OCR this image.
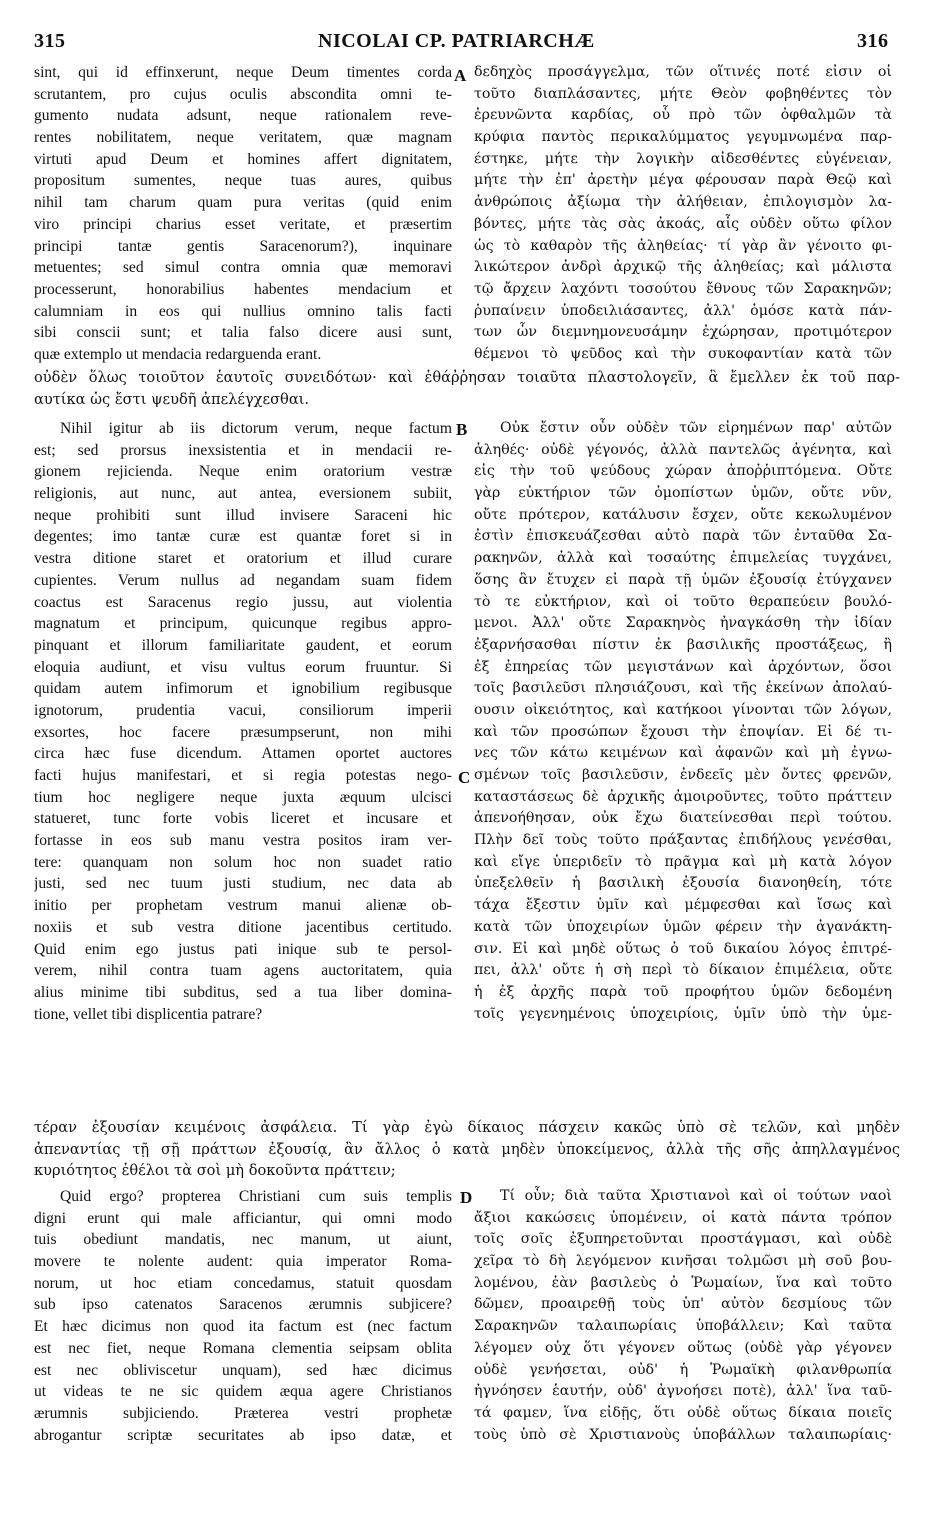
315	NICOLAI CP. PATRIARCHÆ	316
A
B
C
D
sint, qui id effinxerunt, neque Deum timentes corda
scrutantem, pro cujus oculis abscondita omni te-
gumento nudata adsunt, neque rationalem reve-
rentes nobilitatem, neque veritatem, quæ magnam
virtuti apud Deum et homines affert dignitatem,
propositum sumentes, neque tuas aures, quibus
nihil tam charum quam pura veritas (quid enim
viro principi charius esset veritate, et præsertim
principi tantæ gentis Saracenorum?), inquinare
metuentes; sed simul contra omnia quæ memoravi
processerunt, honorabilius habentes mendacium et
calumniam in eos qui nullius omnino talis facti
sibi conscii sunt; et talia falso dicere ausi sunt,
quæ extemplo ut mendacia redarguenda erant.
δεδηχὸς προσάγγελμα, τῶν οἵτινές ποτέ εἰσιν οἱ
τοῦτο διαπλάσαντες, μήτε Θεὸν φοβηθέντες τὸν
ἐρευνῶντα καρδίας, οὗ πρὸ τῶν ὀφθαλμῶν τὰ
κρύφια παντὸς περικαλύμματος γεγυμνωμένα παρ-
έστηκε, μήτε τὴν λογικὴν αἰδεσθέντες εὐγένειαν,
μήτε τὴν ἐπ' ἀρετὴν μέγα φέρουσαν παρὰ Θεῷ καὶ
ἀνθρώποις ἀξίωμα τὴν ἀλήθειαν, ἐπιλογισμὸν λα-
βόντες, μήτε τὰς σὰς ἀκοάς, αἷς οὐδὲν οὕτω φίλον
ὡς τὸ καθαρὸν τῆς ἀληθείας· τί γὰρ ἂν γένοιτο φι-
λικώτερον ἀνδρὶ ἀρχικῷ τῆς ἀληθείας; καὶ μάλιστα
τῷ ἄρχειν λαχόντι τοσούτου ἔθνους τῶν Σαρακηνῶν;
ῥυπαίνειν ὑποδειλιάσαντες, ἀλλ' ὁμόσε κατὰ πάν-
των ὧν διεμνημονευσάμην ἐχώρησαν, προτιμότερον
θέμενοι τὸ ψεῦδος καὶ τὴν συκοφαντίαν κατὰ τῶν
οὐδὲν ὅλως τοιοῦτον ἑαυτοῖς συνειδότων· καὶ ἐθάῤῥησαν τοιαῦτα πλαστολογεῖν, ἃ ἔμελλεν ἐκ τοῦ παρ-
αυτίκα ὡς ἔστι ψευδῆ ἀπελέγχεσθαι.
Nihil igitur ab iis dictorum verum, neque factum
est; sed prorsus inexsistentia et in mendacii re-
gionem rejicienda. Neque enim oratorium vestræ
religionis, aut nunc, aut antea, eversionem subiit,
neque prohibiti sunt illud invisere Saraceni hic
degentes; imo tantæ curæ est quantæ foret si in
vestra ditione staret et oratorium et illud curare
cupientes. Verum nullus ad negandam suam fidem
coactus est Saracenus regio jussu, aut violentia
magnatum et principum, quicunque regibus appro-
pinquant et illorum familiaritate gaudent, et eorum
eloquia audiunt, et visu vultus eorum fruuntur. Si
quidam autem infimorum et ignobilium regibusque
ignotorum, prudentia vacui, consiliorum imperii
exsortes, hoc facere præsumpserunt, non mihi
circa hæc fuse dicendum. Attamen oportet auctores
facti hujus manifestari, et si regia potestas nego-
tium hoc negligere neque juxta æquum ulcisci
statueret, tunc forte vobis liceret et incusare et
fortasse in eos sub manu vestra positos iram ver-
tere: quanquam non solum hoc non suadet ratio
justi, sed nec tuum justi studium, nec data ab
initio per prophetam vestrum manui alienæ ob-
noxiis et sub vestra ditione jacentibus certitudo.
Quid enim ego justus pati inique sub te persol-
verem, nihil contra tuam agens auctoritatem, quia
alius minime tibi subditus, sed a tua liber domina-
tione, vellet tibi displicentia patrare?
Οὐκ ἔστιν οὖν οὐδὲν τῶν εἰρημένων παρ' αὐτῶν
ἀληθές· οὐδὲ γέγονός, ἀλλὰ παντελῶς ἀγένητα, καὶ
εἰς τὴν τοῦ ψεύδους χώραν ἀποῤῥιπτόμενα. Οὔτε
γὰρ εὐκτήριον τῶν ὁμοπίστων ὑμῶν, οὔτε νῦν,
οὔτε πρότερον, κατάλυσιν ἔσχεν, οὔτε κεκωλυμένον
ἐστὶν ἐπισκευάζεσθαι αὐτὸ παρὰ τῶν ἐνταῦθα Σα-
ρακηνῶν, ἀλλὰ καὶ τοσαύτης ἐπιμελείας τυγχάνει,
ὅσης ἂν ἔτυχεν εἰ παρὰ τῇ ὑμῶν ἐξουσίᾳ ἐτύγχανεν
τὸ τε εὐκτήριον, καὶ οἱ τοῦτο θεραπεύειν βουλό-
μενοι. Ἀλλ' οὔτε Σαρακηνὸς ἠναγκάσθη τὴν ἰδίαν
ἐξαρνήσασθαι πίστιν ἐκ βασιλικῆς προστάξεως, ἢ
ἐξ ἐπηρείας τῶν μεγιστάνων καὶ ἀρχόντων, ὅσοι
τοῖς βασιλεῦσι πλησιάζουσι, καὶ τῆς ἐκείνων ἀπολαύ-
ουσιν οἰκειότητος, καὶ κατήκοοι γίνονται τῶν λόγων,
καὶ τῶν προσώπων ἔχουσι τὴν ἐποψίαν. Εἰ δέ τι-
νες τῶν κάτω κειμένων καὶ ἀφανῶν καὶ μὴ ἐγνω-
σμένων τοῖς βασιλεῦσιν, ἐνδεεῖς μὲν ὄντες φρενῶν,
καταστάσεως δὲ ἀρχικῆς ἀμοιροῦντες, τοῦτο πράττειν
ἀπενοήθησαν, οὐκ ἔχω διατείνεσθαι περὶ τούτου.
Πλὴν δεῖ τοὺς τοῦτο πράξαντας ἐπιδήλους γενέσθαι,
καὶ εἴγε ὑπεριδεῖν τὸ πρᾶγμα καὶ μὴ κατὰ λόγον
ὑπεξελθεῖν ἡ βασιλικὴ ἐξουσία διανοηθείη, τότε
τάχα ἔξεστιν ὑμῖν καὶ μέμφεσθαι καὶ ἴσως καὶ
κατὰ τῶν ὑποχειρίων ὑμῶν φέρειν τὴν ἀγανάκτη-
σιν. Εἰ καὶ μηδὲ οὕτως ὁ τοῦ δικαίου λόγος ἐπιτρέ-
πει, ἀλλ' οὔτε ἡ σὴ περὶ τὸ δίκαιον ἐπιμέλεια, οὔτε
ἡ ἐξ ἀρχῆς παρὰ τοῦ προφήτου ὑμῶν δεδομένη
τοῖς γεγενημένοις ὑποχειρίοις, ὑμῖν ὑπὸ τὴν ὑμε-
τέραν ἐξουσίαν κειμένοις ἀσφάλεια. Τί γὰρ ἐγὼ δίκαιος πάσχειν κακῶς ὑπὸ σὲ τελῶν, καὶ μηδὲν
ἀπεναντίας τῇ σῇ πράττων ἐξουσίᾳ, ἂν ἄλλος ὁ κατὰ μηδὲν ὑποκείμενος, ἀλλὰ τῆς σῆς ἀπηλλαγμένος
κυριότητος ἐθέλοι τὰ σοὶ μὴ δοκοῦντα πράττειν;
Quid ergo? propterea Christiani cum suis templis
digni erunt qui male afficiantur, qui omni modo
tuis obediunt mandatis, nec manum, ut aiunt,
movere te nolente audent: quia imperator Roma-
norum, ut hoc etiam concedamus, statuit quosdam
sub ipso catenatos Saracenos ærumnis subjicere?
Et hæc dicimus non quod ita factum est (nec factum
est nec fiet, neque Romana clementia seipsam oblita
est nec obliviscetur unquam), sed hæc dicimus
ut videas te ne sic quidem æqua agere Christianos
ærumnis subjiciendo. Præterea vestri prophetæ
abrogantur scriptæ securitates ab ipso datæ, et
Τί οὖν; διὰ ταῦτα Χριστιανοὶ καὶ οἱ τούτων ναοὶ
ἄξιοι κακώσεις ὑπομένειν, οἱ κατὰ πάντα τρόπον
τοῖς σοῖς ἐξυπηρετοῦνται προστάγμασι, καὶ οὐδὲ
χεῖρα τὸ δὴ λεγόμενον κινῆσαι τολμῶσι μὴ σοῦ βου-
λομένου, ἐὰν βασιλεὺς ὁ Ῥωμαίων, ἵνα καὶ τοῦτο
δῶμεν, προαιρεθῇ τοὺς ὑπ' αὐτὸν δεσμίους τῶν
Σαρακηνῶν ταλαιπωρίαις ὑποβάλλειν; Καὶ ταῦτα
λέγομεν οὐχ ὅτι γέγονεν οὕτως (οὐδὲ γὰρ γέγονεν
οὐδὲ γενήσεται, οὐδ' ἡ Ῥωμαϊκὴ φιλανθρωπία
ἠγνόησεν ἑαυτήν, οὐδ' ἀγνοήσει ποτὲ), ἀλλ' ἵνα ταῦ-
τά φαμεν, ἵνα εἰδῇς, ὅτι οὐδὲ οὕτως δίκαια ποιεῖς
τοὺς ὑπὸ σὲ Χριστιανοὺς ὑποβάλλων ταλαιπωρίαις·
